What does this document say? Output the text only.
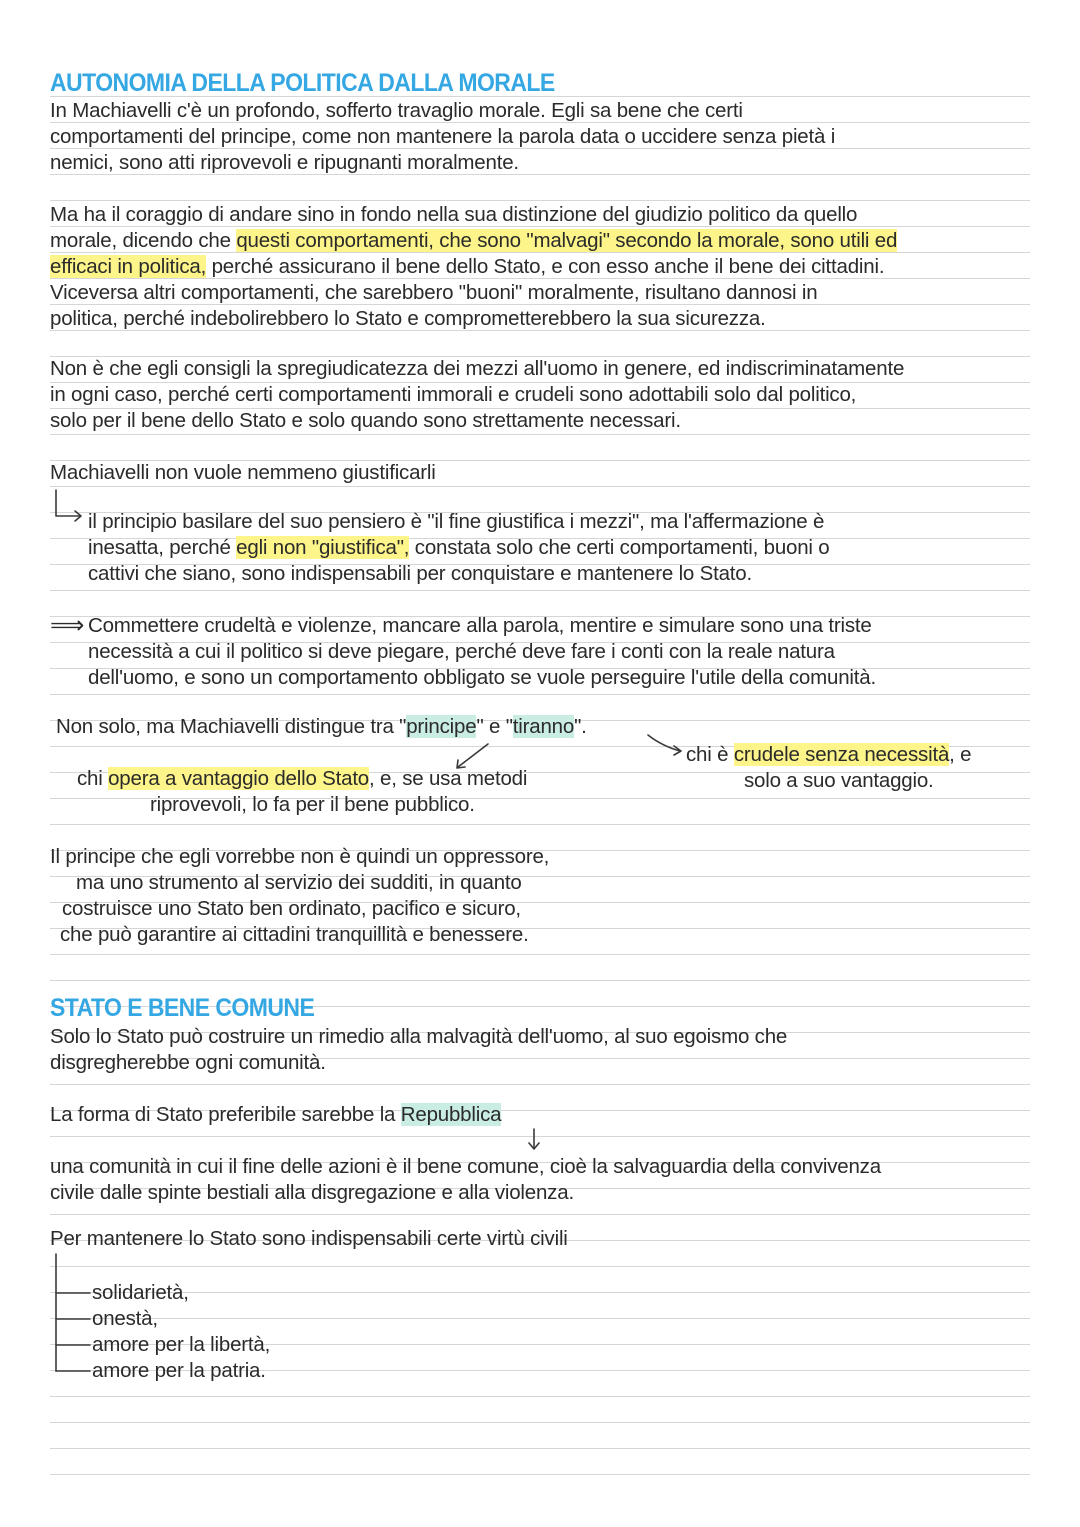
AUTONOMIA DELLA POLITICA DALLA MORALE
In Machiavelli c'è un profondo, sofferto travaglio morale. Egli sa bene che certi
comportamenti del principe, come non mantenere la parola data o uccidere senza pietà i
nemici, sono atti riprovevoli e ripugnanti moralmente.
Ma ha il coraggio di andare sino in fondo nella sua distinzione del giudizio politico da quello
morale, dicendo che questi comportamenti, che sono "malvagi" secondo la morale, sono utili ed
efficaci in politica, perché assicurano il bene dello Stato, e con esso anche il bene dei cittadini.
Viceversa altri comportamenti, che sarebbero "buoni" moralmente, risultano dannosi in
politica, perché indebolirebbero lo Stato e comprometterebbero la sua sicurezza.
Non è che egli consigli la spregiudicatezza dei mezzi all'uomo in genere, ed indiscriminatamente
in ogni caso, perché certi comportamenti immorali e crudeli sono adottabili solo dal politico,
solo per il bene dello Stato e solo quando sono strettamente necessari.
Machiavelli non vuole nemmeno giustificarli
il principio basilare del suo pensiero è "il fine giustifica i mezzi", ma l'affermazione è
inesatta, perché egli non "giustifica", constata solo che certi comportamenti, buoni o
cattivi che siano, sono indispensabili per conquistare e mantenere lo Stato.
⟹ Commettere crudeltà e violenze, mancare alla parola, mentire e simulare sono una triste
necessità a cui il politico si deve piegare, perché deve fare i conti con la reale natura
dell'uomo, e sono un comportamento obbligato se vuole perseguire l'utile della comunità.
Non solo, ma Machiavelli distingue tra "principe" e "tiranno".
chi opera a vantaggio dello Stato, e, se usa metodi
riprovevoli, lo fa per il bene pubblico.
chi è crudele senza necessità, e
solo a suo vantaggio.
Il principe che egli vorrebbe non è quindi un oppressore,
ma uno strumento al servizio dei sudditi, in quanto
costruisce uno Stato ben ordinato, pacifico e sicuro,
che può garantire ai cittadini tranquillità e benessere.
STATO E BENE COMUNE
Solo lo Stato può costruire un rimedio alla malvagità dell'uomo, al suo egoismo che
disgregherebbe ogni comunità.
La forma di Stato preferibile sarebbe la Repubblica
una comunità in cui il fine delle azioni è il bene comune, cioè la salvaguardia della convivenza
civile dalle spinte bestiali alla disgregazione e alla violenza.
Per mantenere lo Stato sono indispensabili certe virtù civili
solidarietà,
onestà,
amore per la libertà,
amore per la patria.
